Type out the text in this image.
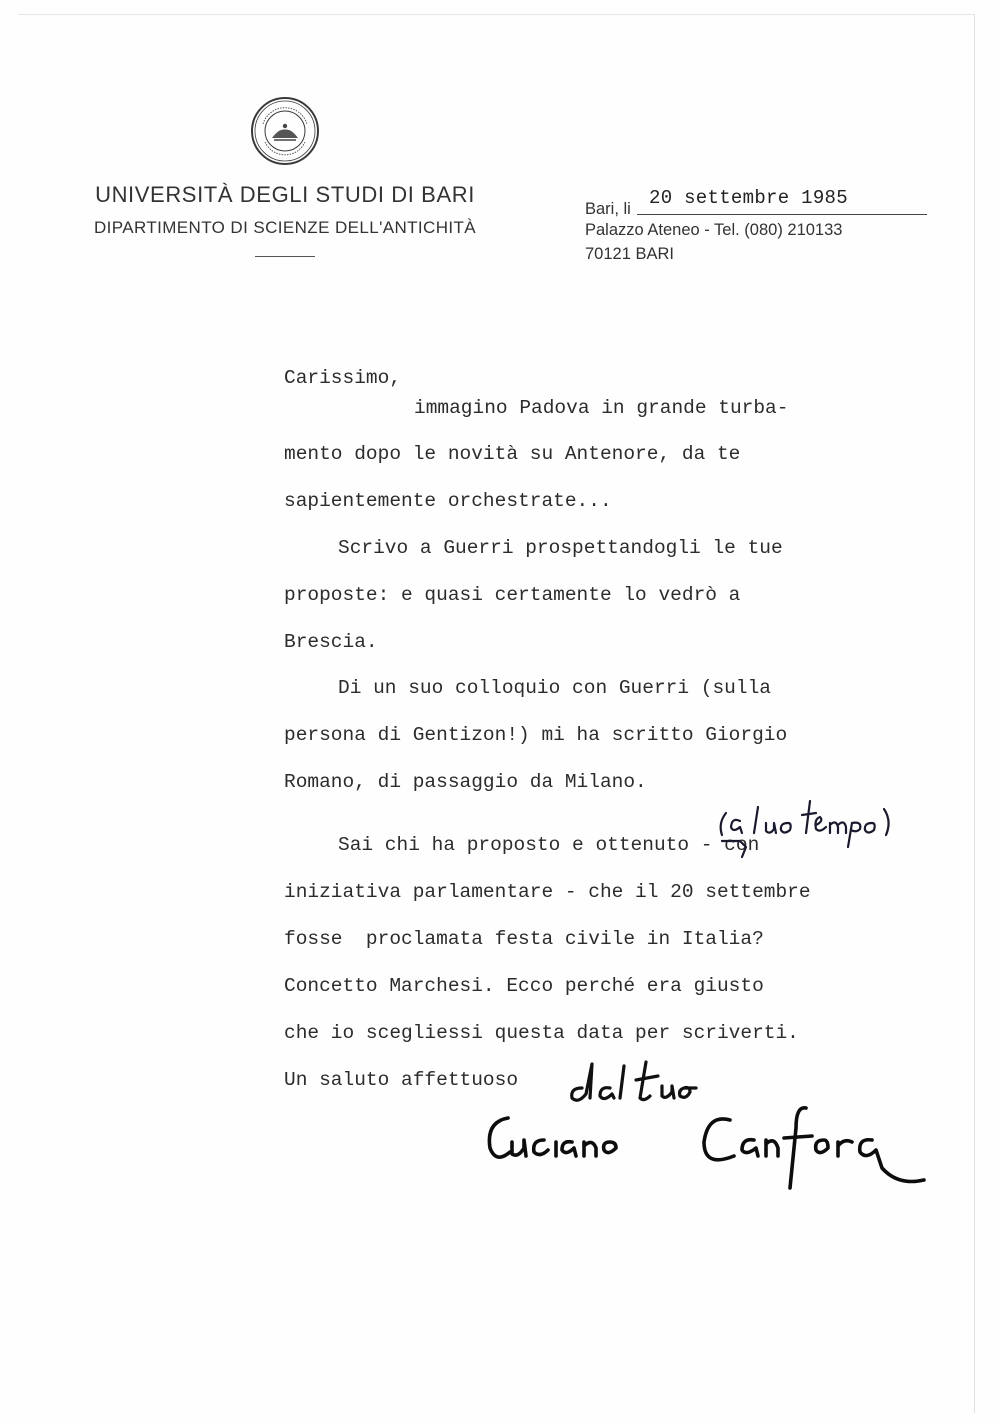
UNIVERSITÀ DEGLI STUDI DI BARI
DIPARTIMENTO DI SCIENZE DELL'ANTICHITÀ
Bari, li 20 settembre 1985
Palazzo Ateneo - Tel. (080) 210133
70121 BARI
Carissimo,
immagino Padova in grande turba-
mento dopo le novità su Antenore, da te
sapientemente orchestrate...
Scrivo a Guerri prospettandogli le tue
proposte: e quasi certamente lo vedrò a
Brescia.
Di un suo colloquio con Guerri (sulla
persona di Gentizon!) mi ha scritto Giorgio
Romano, di passaggio da Milano.
Sai chi ha proposto e ottenuto - con
iniziativa parlamentare - che il 20 settembre
fosse  proclamata festa civile in Italia?
Concetto Marchesi. Ecco perché era giusto
che io scegliessi questa data per scriverti.
Un saluto affettuoso
